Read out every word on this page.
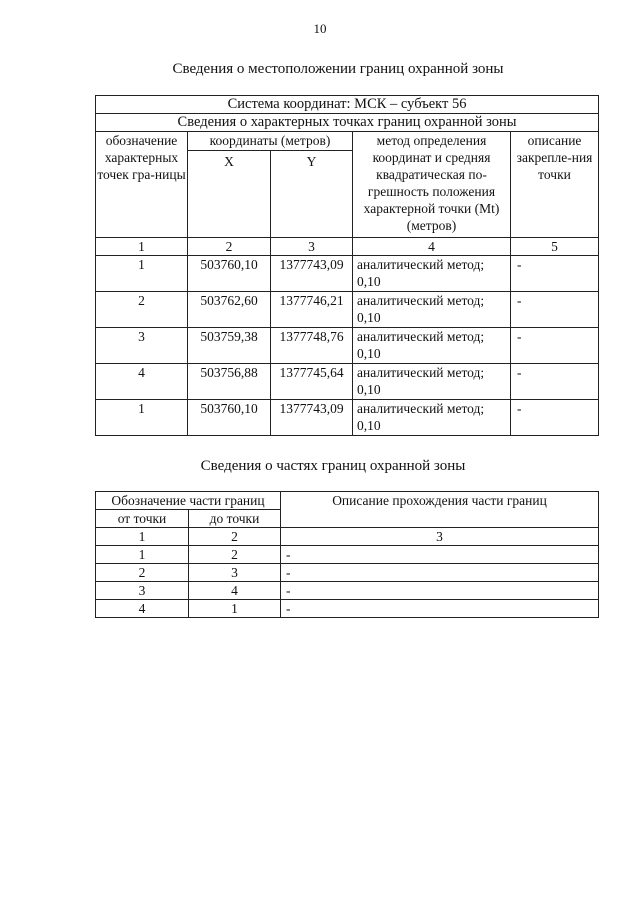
10
Сведения о местоположении границ охранной зоны
Система координат: МСК – субъект 56				
Сведения о характерных точках границ охранной зоны				
обозначение характерных точек гра-ницы	координаты (метров)		метод определения координат и средняя квадратическая по-грешность положения характерной точки (Mt) (метров)	описание закрепле-ния точки
	X	Y		
1	2	3	4	5
1	503760,10	1377743,09	аналитический метод; 0,10	-
2	503762,60	1377746,21	аналитический метод; 0,10	-
3	503759,38	1377748,76	аналитический метод; 0,10	-
4	503756,88	1377745,64	аналитический метод; 0,10	-
1	503760,10	1377743,09	аналитический метод; 0,10	-
Сведения о частях границ охранной зоны
Обозначение части границ		Описание прохождения части границ
от точки	до точки	
1	2	3
1	2	-
2	3	-
3	4	-
4	1	-
